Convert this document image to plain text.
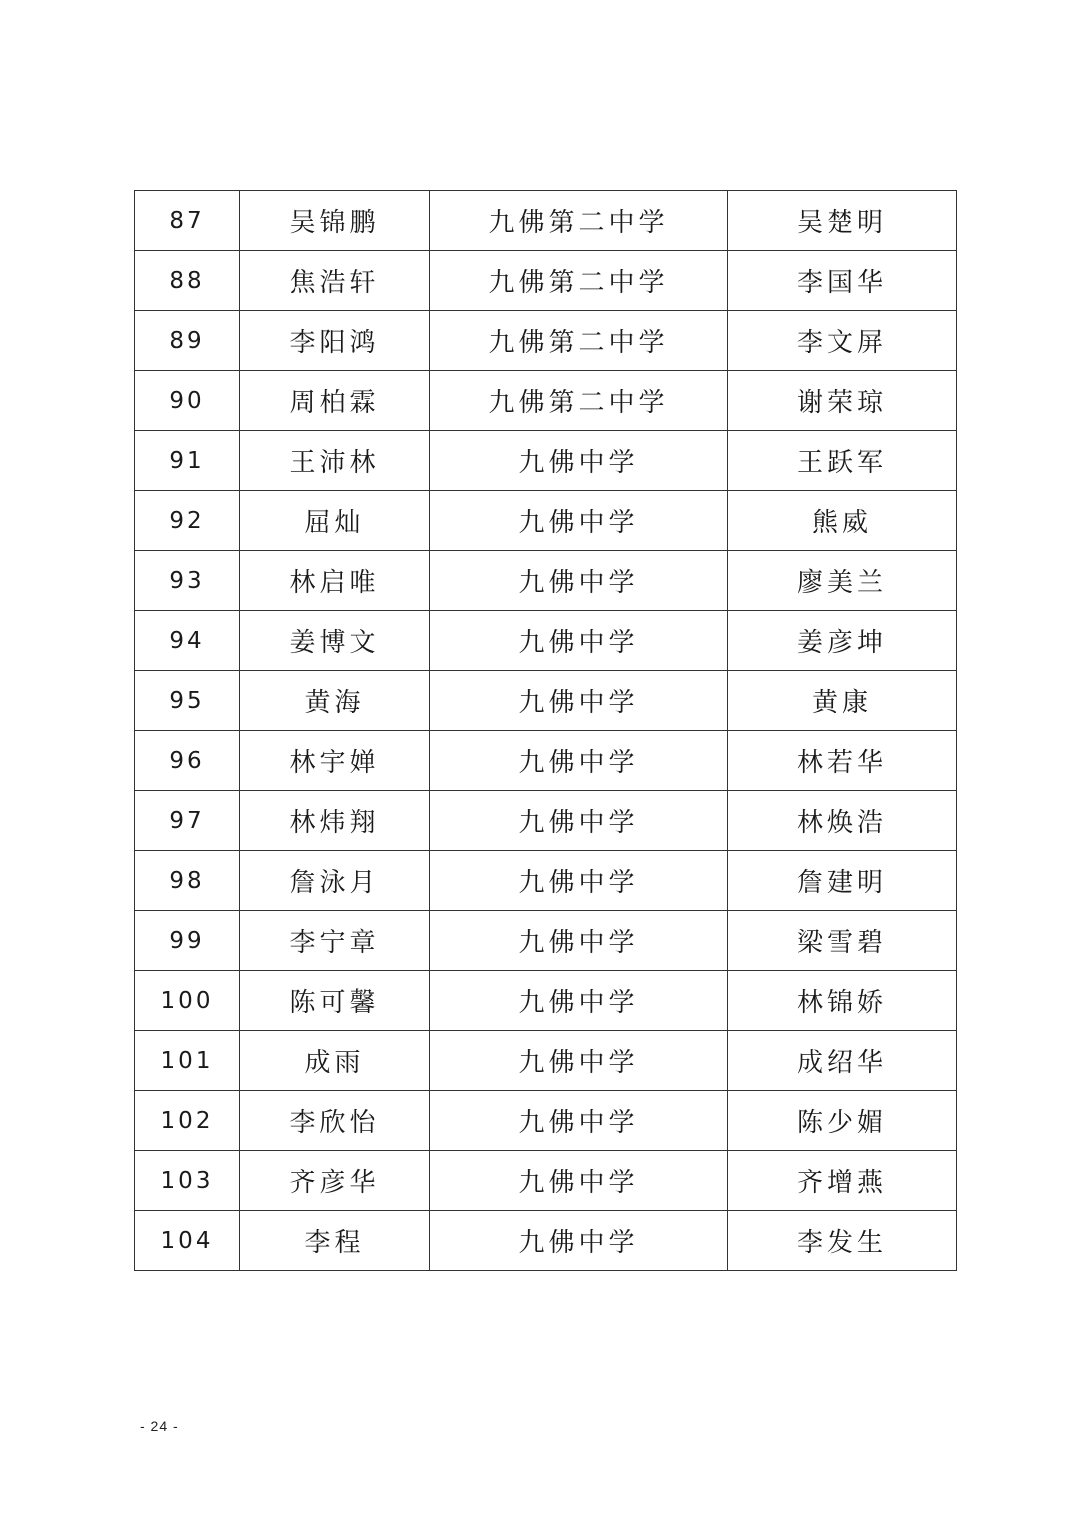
87	吴锦鹏	九佛第二中学	吴楚明
88	焦浩轩	九佛第二中学	李国华
89	李阳鸿	九佛第二中学	李文屏
90	周柏霖	九佛第二中学	谢荣琼
91	王沛林	九佛中学	王跃军
92	屈灿	九佛中学	熊威
93	林启唯	九佛中学	廖美兰
94	姜博文	九佛中学	姜彦坤
95	黄海	九佛中学	黄康
96	林宇婵	九佛中学	林若华
97	林炜翔	九佛中学	林焕浩
98	詹泳月	九佛中学	詹建明
99	李宁章	九佛中学	梁雪碧
100	陈可馨	九佛中学	林锦娇
101	成雨	九佛中学	成绍华
102	李欣怡	九佛中学	陈少媚
103	齐彦华	九佛中学	齐增燕
104	李程	九佛中学	李发生
- 24 -
